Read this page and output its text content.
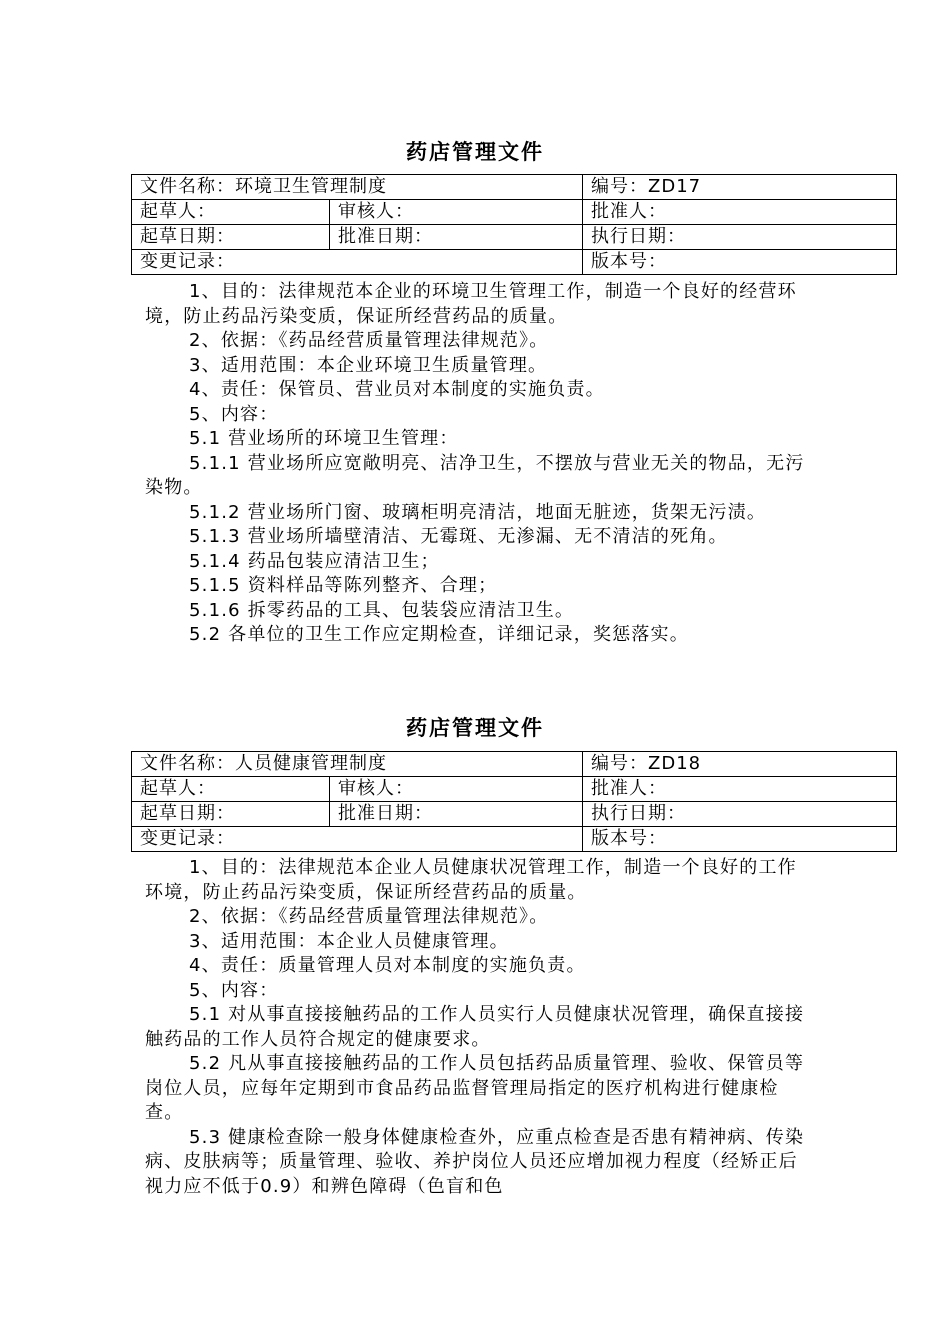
药店管理文件
文件名称：环境卫生管理制度		编号：ZD17
起草人：	审核人：	批准人：
起草日期：	批准日期：	执行日期：
变更记录：		版本号：

1、目的：法律规范本企业的环境卫生管理工作，制造一个良好的经营环境，防止药品污染变质，保证所经营药品的质量。

2、依据：《药品经营质量管理法律规范》。

3、适用范围：本企业环境卫生质量管理。

4、责任：保管员、营业员对本制度的实施负责。

5、内容：

5.1 营业场所的环境卫生管理：

5.1.1 营业场所应宽敞明亮、洁净卫生，不摆放与营业无关的物品，无污染物。

5.1.2 营业场所门窗、玻璃柜明亮清洁，地面无脏迹，货架无污渍。

5.1.3 营业场所墙壁清洁、无霉斑、无渗漏、无不清洁的死角。

5.1.4 药品包装应清洁卫生；

5.1.5 资料样品等陈列整齐、合理；

5.1.6 拆零药品的工具、包装袋应清洁卫生。

5.2 各单位的卫生工作应定期检查，详细记录，奖惩落实。

药店管理文件
文件名称：人员健康管理制度		编号：ZD18
起草人：	审核人：	批准人：
起草日期：	批准日期：	执行日期：
变更记录：		版本号：

1、目的：法律规范本企业人员健康状况管理工作，制造一个良好的工作环境，防止药品污染变质，保证所经营药品的质量。

2、依据：《药品经营质量管理法律规范》。

3、适用范围：本企业人员健康管理。

4、责任：质量管理人员对本制度的实施负责。

5、内容：

5.1 对从事直接接触药品的工作人员实行人员健康状况管理，确保直接接触药品的工作人员符合规定的健康要求。

5.2 凡从事直接接触药品的工作人员包括药品质量管理、验收、保管员等岗位人员，应每年定期到市食品药品监督管理局指定的医疗机构进行健康检查。

5.3 健康检查除一般身体健康检查外，应重点检查是否患有精神病、传染病、皮肤病等；质量管理、验收、养护岗位人员还应增加视力程度（经矫正后视力应不低于0.9）和辨色障碍（色盲和色
